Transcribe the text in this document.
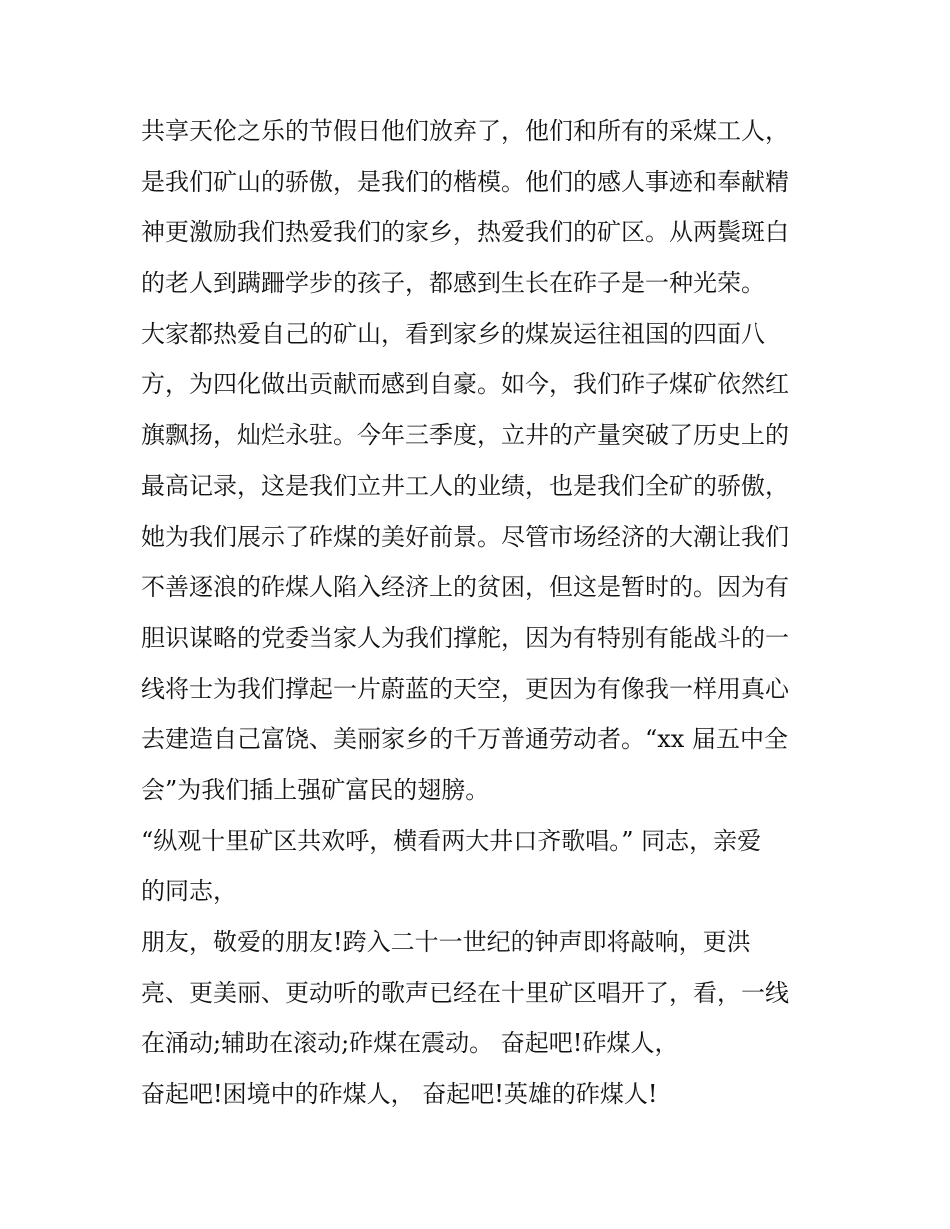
共享天伦之乐的节假日他们放弃了，他们和所有的采煤工人，
是我们矿山的骄傲，是我们的楷模。他们的感人事迹和奉献精
神更激励我们热爱我们的家乡，热爱我们的矿区。从两鬓斑白
的老人到蹒跚学步的孩子，都感到生长在砟子是一种光荣。
大家都热爱自己的矿山，看到家乡的煤炭运往祖国的四面八
方，为四化做出贡献而感到自豪。如今，我们砟子煤矿依然红
旗飘扬，灿烂永驻。今年三季度，立井的产量突破了历史上的
最高记录，这是我们立井工人的业绩，也是我们全矿的骄傲，
她为我们展示了砟煤的美好前景。尽管市场经济的大潮让我们
不善逐浪的砟煤人陷入经济上的贫困，但这是暂时的。因为有
胆识谋略的党委当家人为我们撑舵，因为有特别有能战斗的一
线将士为我们撑起一片蔚蓝的天空，更因为有像我一样用真心
去建造自己富饶、美丽家乡的千万普通劳动者。“xx 届五中全
会”为我们插上强矿富民的翅膀。
“纵观十里矿区共欢呼，横看两大井口齐歌唱。” 同志，亲爱
的同志，
朋友，敬爱的朋友!跨入二十一世纪的钟声即将敲响，更洪
亮、更美丽、更动听的歌声已经在十里矿区唱开了，看，一线
在涌动;辅助在滚动;砟煤在震动。 奋起吧!砟煤人，
奋起吧!困境中的砟煤人， 奋起吧!英雄的砟煤人!
